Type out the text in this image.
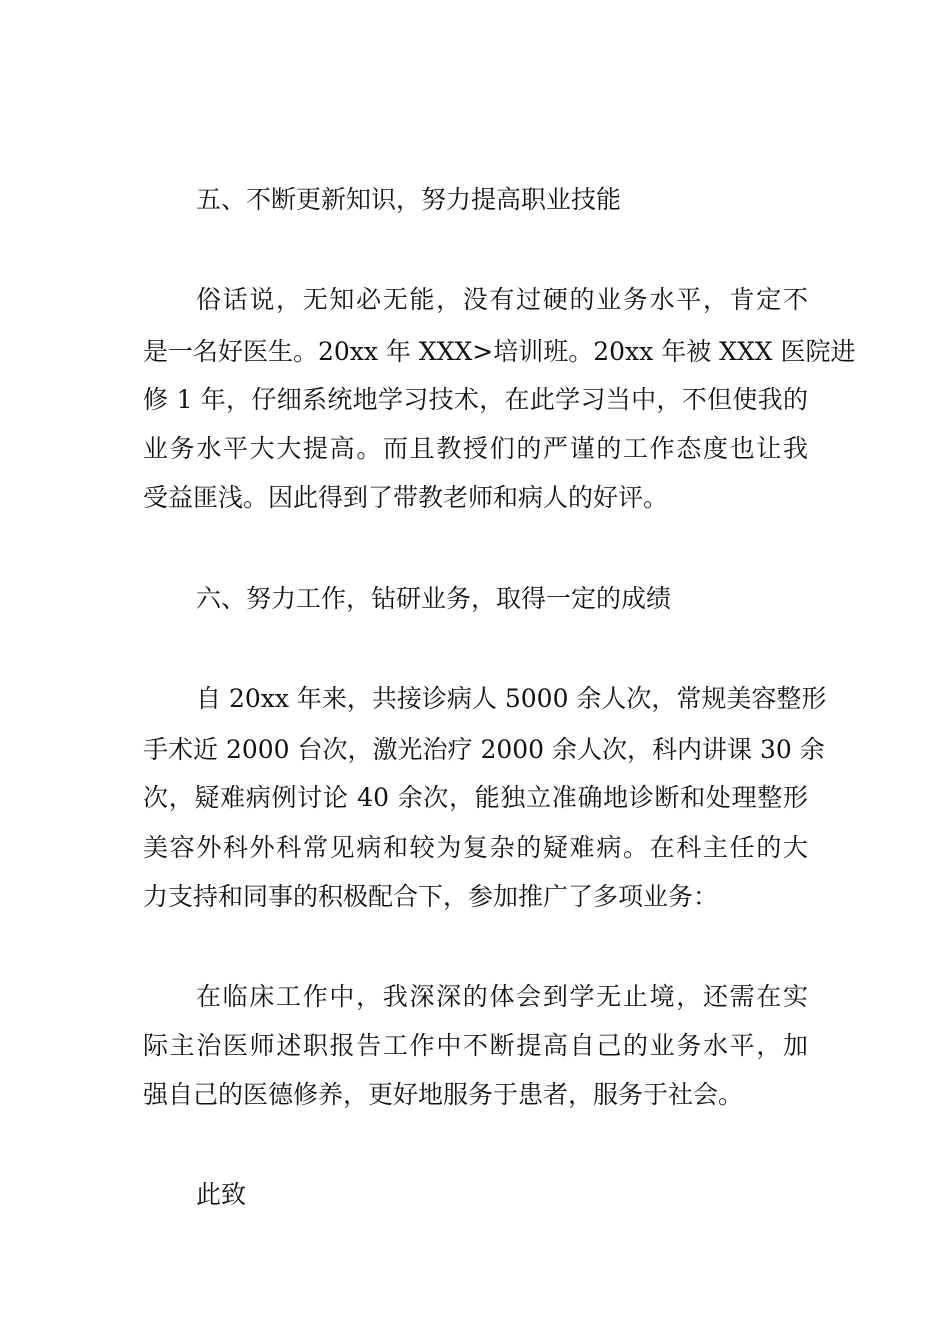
五、不断更新知识，努力提高职业技能
俗话说，无知必无能，没有过硬的业务水平，肯定不
是一名好医生。20xx 年 XXX>培训班。20xx 年被 XXX 医院进
修 1 年，仔细系统地学习技术，在此学习当中，不但使我的
业务水平大大提高。而且教授们的严谨的工作态度也让我
受益匪浅。因此得到了带教老师和病人的好评。
六、努力工作，钻研业务，取得一定的成绩
自 20xx 年来，共接诊病人 5000 余人次，常规美容整形
手术近 2000 台次，激光治疗 2000 余人次，科内讲课 30 余
次，疑难病例讨论 40 余次，能独立准确地诊断和处理整形
美容外科外科常见病和较为复杂的疑难病。在科主任的大
力支持和同事的积极配合下，参加推广了多项业务：
在临床工作中，我深深的体会到学无止境，还需在实
际主治医师述职报告工作中不断提高自己的业务水平，加
强自己的医德修养，更好地服务于患者，服务于社会。
此致
